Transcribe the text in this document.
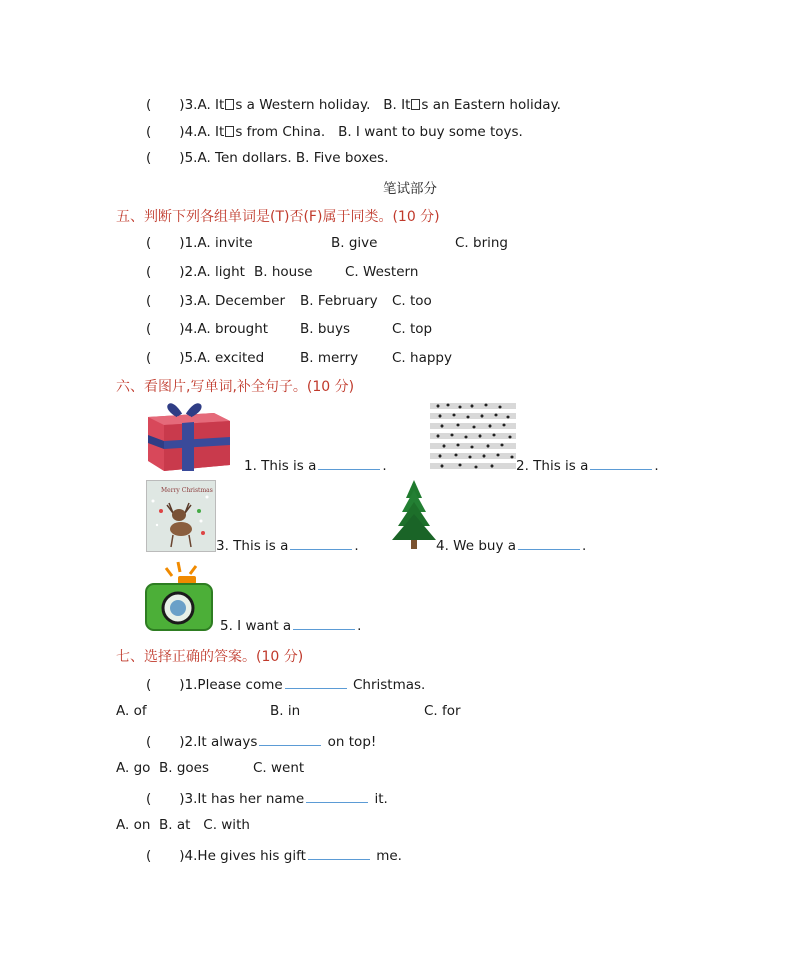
( )3.A. It s a Western holiday. B. It s an Eastern holiday.
( )4.A. It s from China. B. I want to buy some toys.
( )5.A. Ten dollars. B. Five boxes.
笔试部分
五、判断下列各组单词是(T)否(F)属于同类。(10 分)
( )1.A. invite	B. give	C. bring
( )2.A. light B. house C. Western
( )3.A. December B. February C. too
( )4.A. brought B. buys	C. top
( )5.A. excited	B. merry	C. happy
六、看图片,写单词,补全句子。(10 分)
1. This is a	.	2. This is a	.
Merry Christmas
3. This is a	.	4. We buy a	.
5. I want a	.
七、选择正确的答案。(10 分)
( )1.Please come	Christmas.
A. of	B. in	C. for
( )2.It always	on top!
A. go  B. goes	C. went
( )3.It has her name	it.
A. on  B. at   C. with
( )4.He gives his gift	me.
